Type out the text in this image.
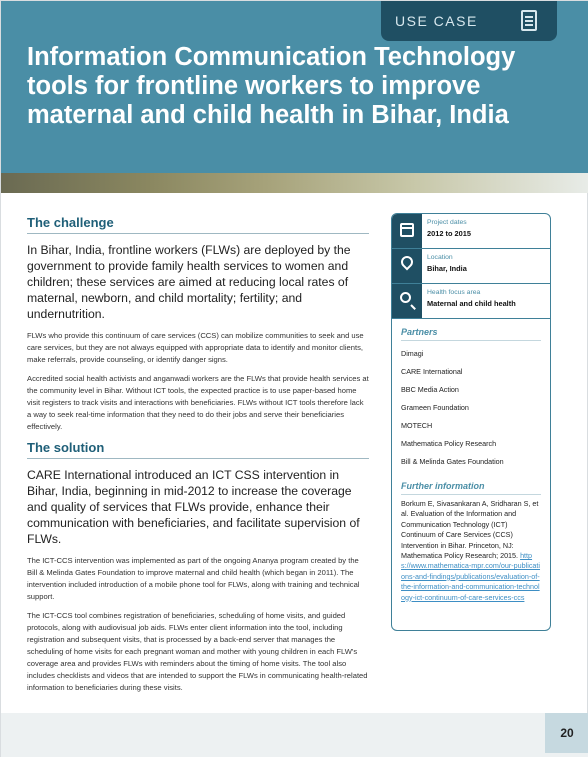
USE CASE
Information Communication Technology tools for frontline workers to improve maternal and child health in Bihar, India
The challenge
In Bihar, India, frontline workers (FLWs) are deployed by the government to provide family health services to women and children; these services are aimed at reducing local rates of maternal, newborn, and child mortality; fertility; and undernutrition.
FLWs who provide this continuum of care services (CCS) can mobilize communities to seek and use care services, but they are not always equipped with appropriate data to identify and monitor clients, make referrals, provide counseling, or identify danger signs.
Accredited social health activists and anganwadi workers are the FLWs that provide health services at the community level in Bihar. Without ICT tools, the expected practice is to use paper-based home visit registers to track visits and interactions with beneficiaries. FLWs without ICT tools therefore lack a way to seek real-time information that they need to do their jobs and serve their beneficiaries effectively.
The solution
CARE International introduced an ICT CSS intervention in Bihar, India, beginning in mid-2012 to increase the coverage and quality of services that FLWs provide, enhance their communication with beneficiaries, and facilitate supervision of FLWs.
The ICT-CCS intervention was implemented as part of the ongoing Ananya program created by the Bill & Melinda Gates Foundation to improve maternal and child health (which began in 2011). The intervention included introduction of a mobile phone tool for FLWs, along with training and technical support.
The ICT-CCS tool combines registration of beneficiaries, scheduling of home visits, and guided protocols, along with audiovisual job aids. FLWs enter client information into the tool, including registration and subsequent visits, that is processed by a back-end server that manages the scheduling of home visits for each pregnant woman and mother with young children in each FLW's coverage area and provides FLWs with reminders about the timing of home visits. The tool also includes checklists and videos that are intended to support the FLWs in communicating health-related information to beneficiaries during these visits.
Project dates
2012 to 2015
Location
Bihar, India
Health focus area
Maternal and child health
Partners
Dimagi
CARE International
BBC Media Action
Grameen Foundation
MOTECH
Mathematica Policy Research
Bill & Melinda Gates Foundation
Further information
Borkum E, Sivasankaran A, Sridharan S, et al. Evaluation of the Information and Communication Technology (ICT) Continuum of Care Services (CCS) Intervention in Bihar. Princeton, NJ: Mathematica Policy Research; 2015. https://www.mathematica-mpr.com/our-publications-and-findings/publications/evaluation-of-the-information-and-communication-technology-ict-continuum-of-care-services-ccs
20
